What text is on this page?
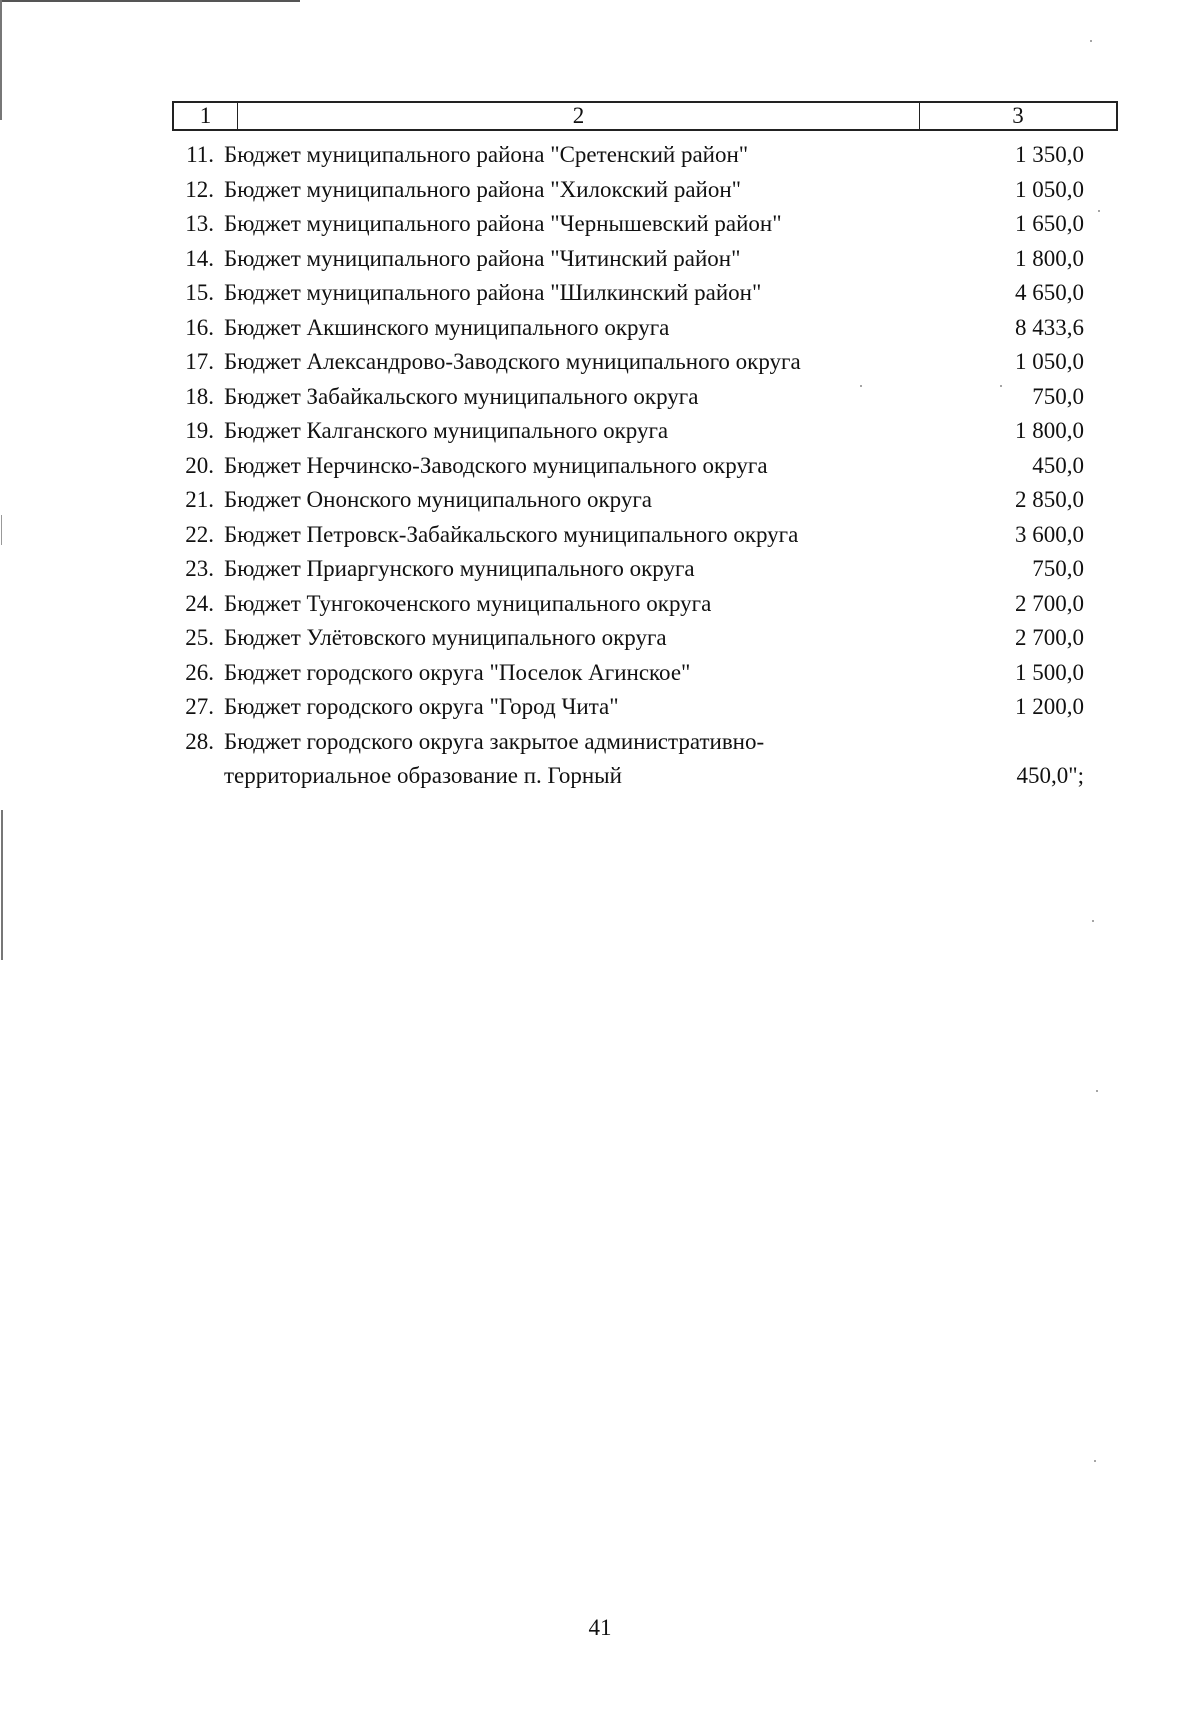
1	2	3
11. Бюджет муниципального района "Сретенский район"	1 350,0
12. Бюджет муниципального района "Хилокский район"	1 050,0
13. Бюджет муниципального района "Чернышевский район"	1 650,0
14. Бюджет муниципального района "Читинский район"	1 800,0
15. Бюджет муниципального района "Шилкинский район"	4 650,0
16. Бюджет Акшинского муниципального округа	8 433,6
17. Бюджет Александрово-Заводского муниципального округа	1 050,0
18. Бюджет Забайкальского муниципального округа	750,0
19. Бюджет Калганского муниципального округа	1 800,0
20. Бюджет Нерчинско-Заводского муниципального округа	450,0
21. Бюджет Ононского муниципального округа	2 850,0
22. Бюджет Петровск-Забайкальского муниципального округа	3 600,0
23. Бюджет Приаргунского муниципального округа	750,0
24. Бюджет Тунгокоченского муниципального округа	2 700,0
25. Бюджет Улётовского муниципального округа	2 700,0
26. Бюджет городского округа "Поселок Агинское"	1 500,0
27. Бюджет городского округа "Город Чита"	1 200,0
28. Бюджет городского округа закрытое административно-территориальное образование п. Горный	450,0";
41
